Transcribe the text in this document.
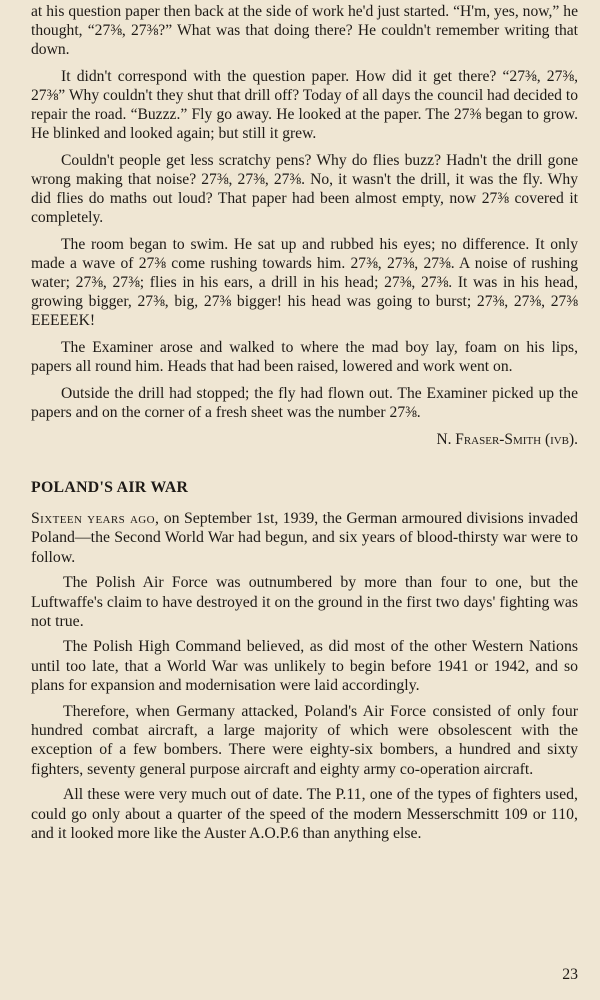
at his question paper then back at the side of work he'd just started. “H'm, yes, now,” he thought, “27⅜, 27⅜?” What was that doing there? He couldn't remember writing that down.

It didn't correspond with the question paper. How did it get there? “27⅜, 27⅜, 27⅜” Why couldn't they shut that drill off? Today of all days the council had decided to repair the road. “Buzzz.” Fly go away. He looked at the paper. The 27⅜ began to grow. He blinked and looked again; but still it grew.

Couldn't people get less scratchy pens? Why do flies buzz? Hadn't the drill gone wrong making that noise? 27⅜, 27⅜, 27⅜. No, it wasn't the drill, it was the fly. Why did flies do maths out loud? That paper had been almost empty, now 27⅜ covered it completely.

The room began to swim. He sat up and rubbed his eyes; no difference. It only made a wave of 27⅜ come rushing towards him. 27⅜, 27⅜, 27⅜. A noise of rushing water; 27⅜, 27⅜; flies in his ears, a drill in his head; 27⅜, 27⅜. It was in his head, growing bigger, 27⅜, big, 27⅜ bigger! his head was going to burst; 27⅜, 27⅜, 27⅜ EEEEEK!

The Examiner arose and walked to where the mad boy lay, foam on his lips, papers all round him. Heads that had been raised, lowered and work went on.

Outside the drill had stopped; the fly had flown out. The Examiner picked up the papers and on the corner of a fresh sheet was the number 27⅜.

N. Fraser-Smith (ivb).
POLAND'S AIR WAR

Sixteen years ago, on September 1st, 1939, the German armoured divisions invaded Poland—the Second World War had begun, and six years of blood-thirsty war were to follow.

The Polish Air Force was outnumbered by more than four to one, but the Luftwaffe's claim to have destroyed it on the ground in the first two days' fighting was not true.

The Polish High Command believed, as did most of the other Western Nations until too late, that a World War was unlikely to begin before 1941 or 1942, and so plans for expansion and modernisation were laid accordingly.

Therefore, when Germany attacked, Poland's Air Force consisted of only four hundred combat aircraft, a large majority of which were obsolescent with the exception of a few bombers. There were eighty-six bombers, a hundred and sixty fighters, seventy general purpose aircraft and eighty army co-operation aircraft.

All these were very much out of date. The P.11, one of the types of fighters used, could go only about a quarter of the speed of the modern Messerschmitt 109 or 110, and it looked more like the Auster A.O.P.6 than anything else.

23
